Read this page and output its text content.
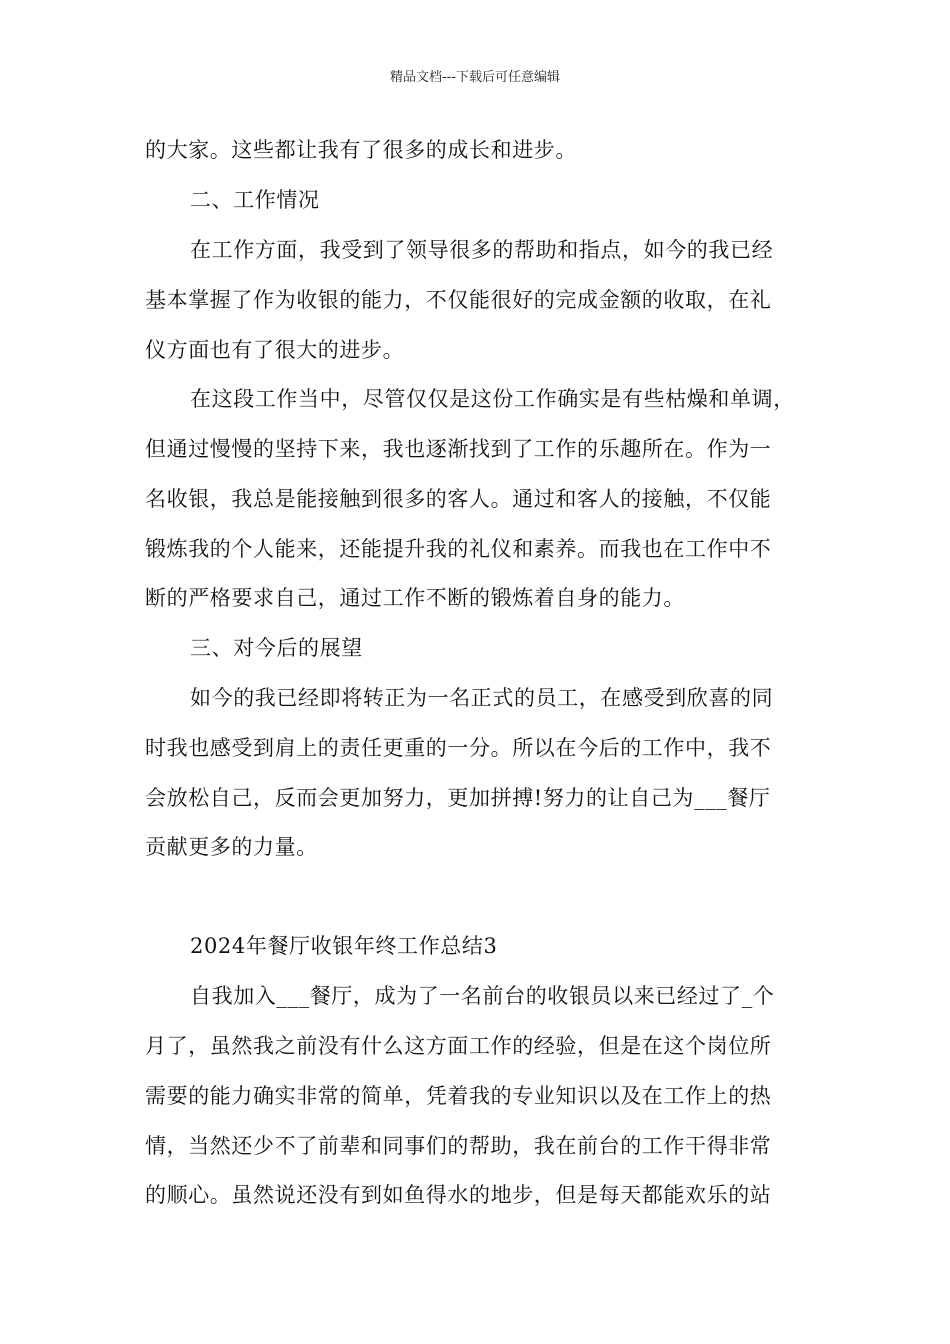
精品文档---下载后可任意编辑
的大家。这些都让我有了很多的成长和进步。
二、工作情况
在工作方面，我受到了领导很多的帮助和指点，如今的我已经
基本掌握了作为收银的能力，不仅能很好的完成金额的收取，在礼
仪方面也有了很大的进步。
在这段工作当中，尽管仅仅是这份工作确实是有些枯燥和单调，
但通过慢慢的坚持下来，我也逐渐找到了工作的乐趣所在。作为一
名收银，我总是能接触到很多的客人。通过和客人的接触，不仅能
锻炼我的个人能来，还能提升我的礼仪和素养。而我也在工作中不
断的严格要求自己，通过工作不断的锻炼着自身的能力。
三、对今后的展望
如今的我已经即将转正为一名正式的员工，在感受到欣喜的同
时我也感受到肩上的责任更重的一分。所以在今后的工作中，我不
会放松自己，反而会更加努力，更加拼搏!努力的让自己为___餐厅
贡献更多的力量。
2024年餐厅收银年终工作总结3
自我加入___餐厅，成为了一名前台的收银员以来已经过了_个
月了，虽然我之前没有什么这方面工作的经验，但是在这个岗位所
需要的能力确实非常的简单，凭着我的专业知识以及在工作上的热
情，当然还少不了前辈和同事们的帮助，我在前台的工作干得非常
的顺心。虽然说还没有到如鱼得水的地步，但是每天都能欢乐的站
